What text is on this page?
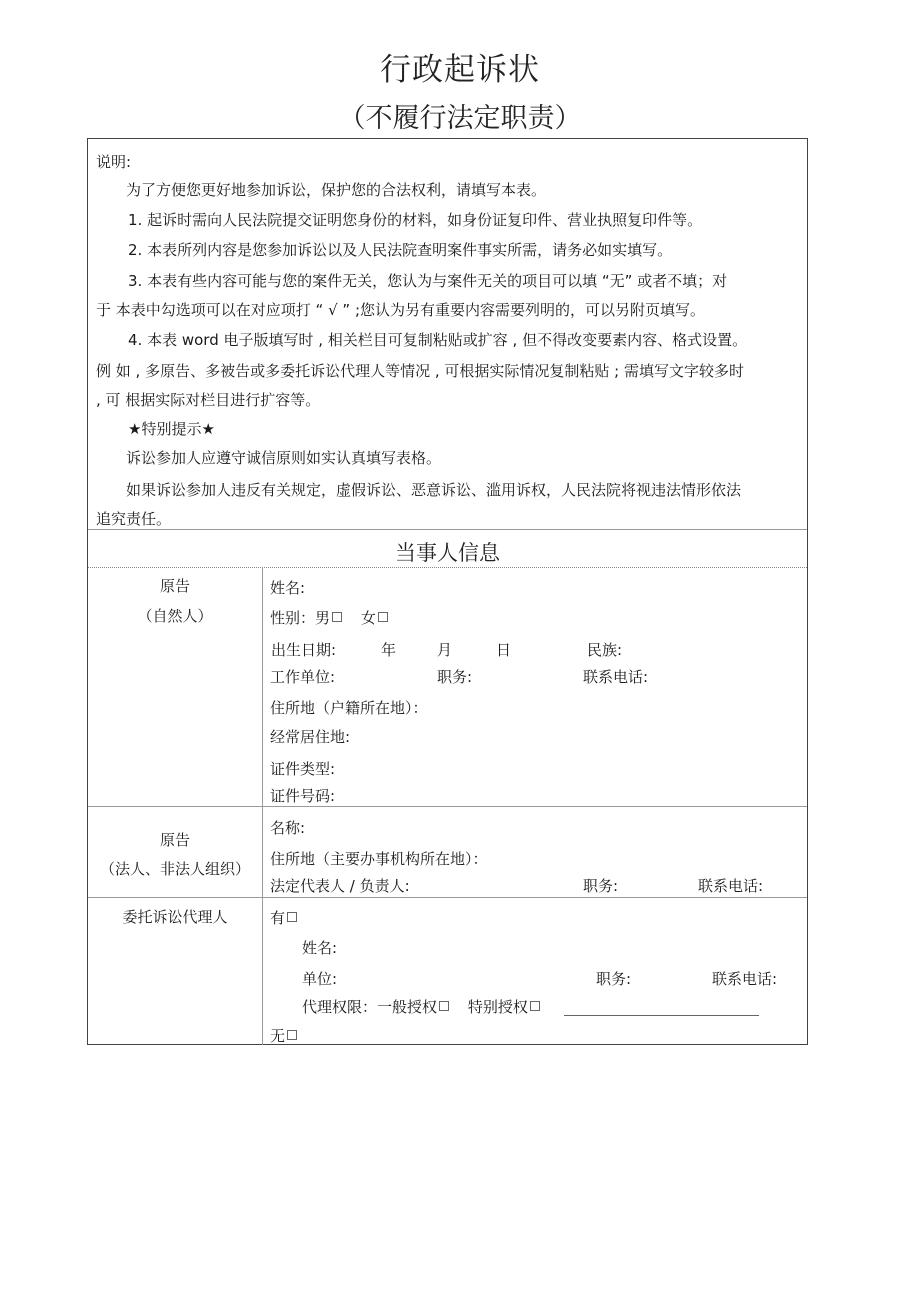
行政起诉状
（不履行法定职责）
说明:
为了方便您更好地参加诉讼，保护您的合法权利，请填写本表。
1. 起诉时需向人民法院提交证明您身份的材料，如身份证复印件、营业执照复印件等。
2. 本表所列内容是您参加诉讼以及人民法院查明案件事实所需，请务必如实填写。
3. 本表有些内容可能与您的案件无关，您认为与案件无关的项目可以填 “无” 或者不填；对
于 本表中勾选项可以在对应项打 “ √ ” ;您认为另有重要内容需要列明的，可以另附页填写。
4. 本表 word 电子版填写时 , 相关栏目可复制粘贴或扩容 , 但不得改变要素内容、格式设置。
例 如 , 多原告、多被告或多委托诉讼代理人等情况 , 可根据实际情况复制粘贴 ; 需填写文字较多时
, 可 根据实际对栏目进行扩容等。
★特别提示★
诉讼参加人应遵守诚信原则如实认真填写表格。
如果诉讼参加人违反有关规定，虚假诉讼、恶意诉讼、滥用诉权，人民法院将视违法情形依法
追究责任。
当事人信息
原告
（自然人）
姓名:
性别：男 女
出生日期:	年	月	日	民族:
工作单位:	职务:	联系电话:
住所地（户籍所在地）：
经常居住地:
证件类型:
证件号码:
原告
（法人、非法人组织）
名称:
住所地（主要办事机构所在地）：
法定代表人 / 负责人:	职务:	联系电话:
委托诉讼代理人	有
姓名:
单位:	职务:	联系电话:
代理权限：一般授权 特别授权
无
